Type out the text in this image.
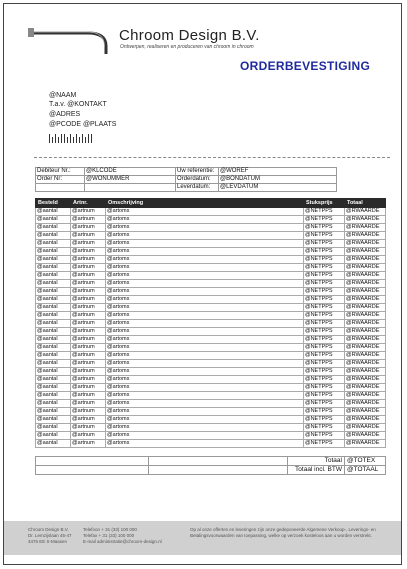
Chroom Design B.V.
Ontwerpen, realiseren en produceren van chroom in chroom
ORDERBEVESTIGING
@NAAM
T.a.v. @KONTAKT
@ADRES
@PCODE @PLAATS
Debiteur Nr.:	@KLCODE	Uw referentie:	@WOREF
Order Nr:	@WONUMMER	Orderdatum:	@BONDATUM
		Leverdatum:	@LEVDATUM
Besteld	Artnr.	Omschrijving	Stuksprijs	Totaal
@aantal	@artnum	@artoms	@NETPPS	@RWAARDE
@aantal	@artnum	@artoms	@NETPPS	@RWAARDE
@aantal	@artnum	@artoms	@NETPPS	@RWAARDE
@aantal	@artnum	@artoms	@NETPPS	@RWAARDE
@aantal	@artnum	@artoms	@NETPPS	@RWAARDE
@aantal	@artnum	@artoms	@NETPPS	@RWAARDE
@aantal	@artnum	@artoms	@NETPPS	@RWAARDE
@aantal	@artnum	@artoms	@NETPPS	@RWAARDE
@aantal	@artnum	@artoms	@NETPPS	@RWAARDE
@aantal	@artnum	@artoms	@NETPPS	@RWAARDE
@aantal	@artnum	@artoms	@NETPPS	@RWAARDE
@aantal	@artnum	@artoms	@NETPPS	@RWAARDE
@aantal	@artnum	@artoms	@NETPPS	@RWAARDE
@aantal	@artnum	@artoms	@NETPPS	@RWAARDE
@aantal	@artnum	@artoms	@NETPPS	@RWAARDE
@aantal	@artnum	@artoms	@NETPPS	@RWAARDE
@aantal	@artnum	@artoms	@NETPPS	@RWAARDE
@aantal	@artnum	@artoms	@NETPPS	@RWAARDE
@aantal	@artnum	@artoms	@NETPPS	@RWAARDE
@aantal	@artnum	@artoms	@NETPPS	@RWAARDE
@aantal	@artnum	@artoms	@NETPPS	@RWAARDE
@aantal	@artnum	@artoms	@NETPPS	@RWAARDE
@aantal	@artnum	@artoms	@NETPPS	@RWAARDE
@aantal	@artnum	@artoms	@NETPPS	@RWAARDE
@aantal	@artnum	@artoms	@NETPPS	@RWAARDE
@aantal	@artnum	@artoms	@NETPPS	@RWAARDE
@aantal	@artnum	@artoms	@NETPPS	@RWAARDE
@aantal	@artnum	@artoms	@NETPPS	@RWAARDE
@aantal	@artnum	@artoms	@NETPPS	@RWAARDE
@aantal	@artnum	@artoms	@NETPPS	@RWAARDE
		Totaal	@TOTEX
		Totaal incl. BTW	@TOTAAL
Chroom Design B.V.
Dr. Lemzijslaan 45-47
3476 EE S-Maasen
Telefoon + 31 (33) 100 000
Telefax + 31 (33) 100 000
E-mail administratie@chroom-design.nl
Op al onze offertes en leveringen zijn onze gedeponeerde Algemene Verkoop-, Leverings- en
Betalingsvoorwaarden van toepassing, welke op verzoek kosteloos aan u worden verstrekt.
